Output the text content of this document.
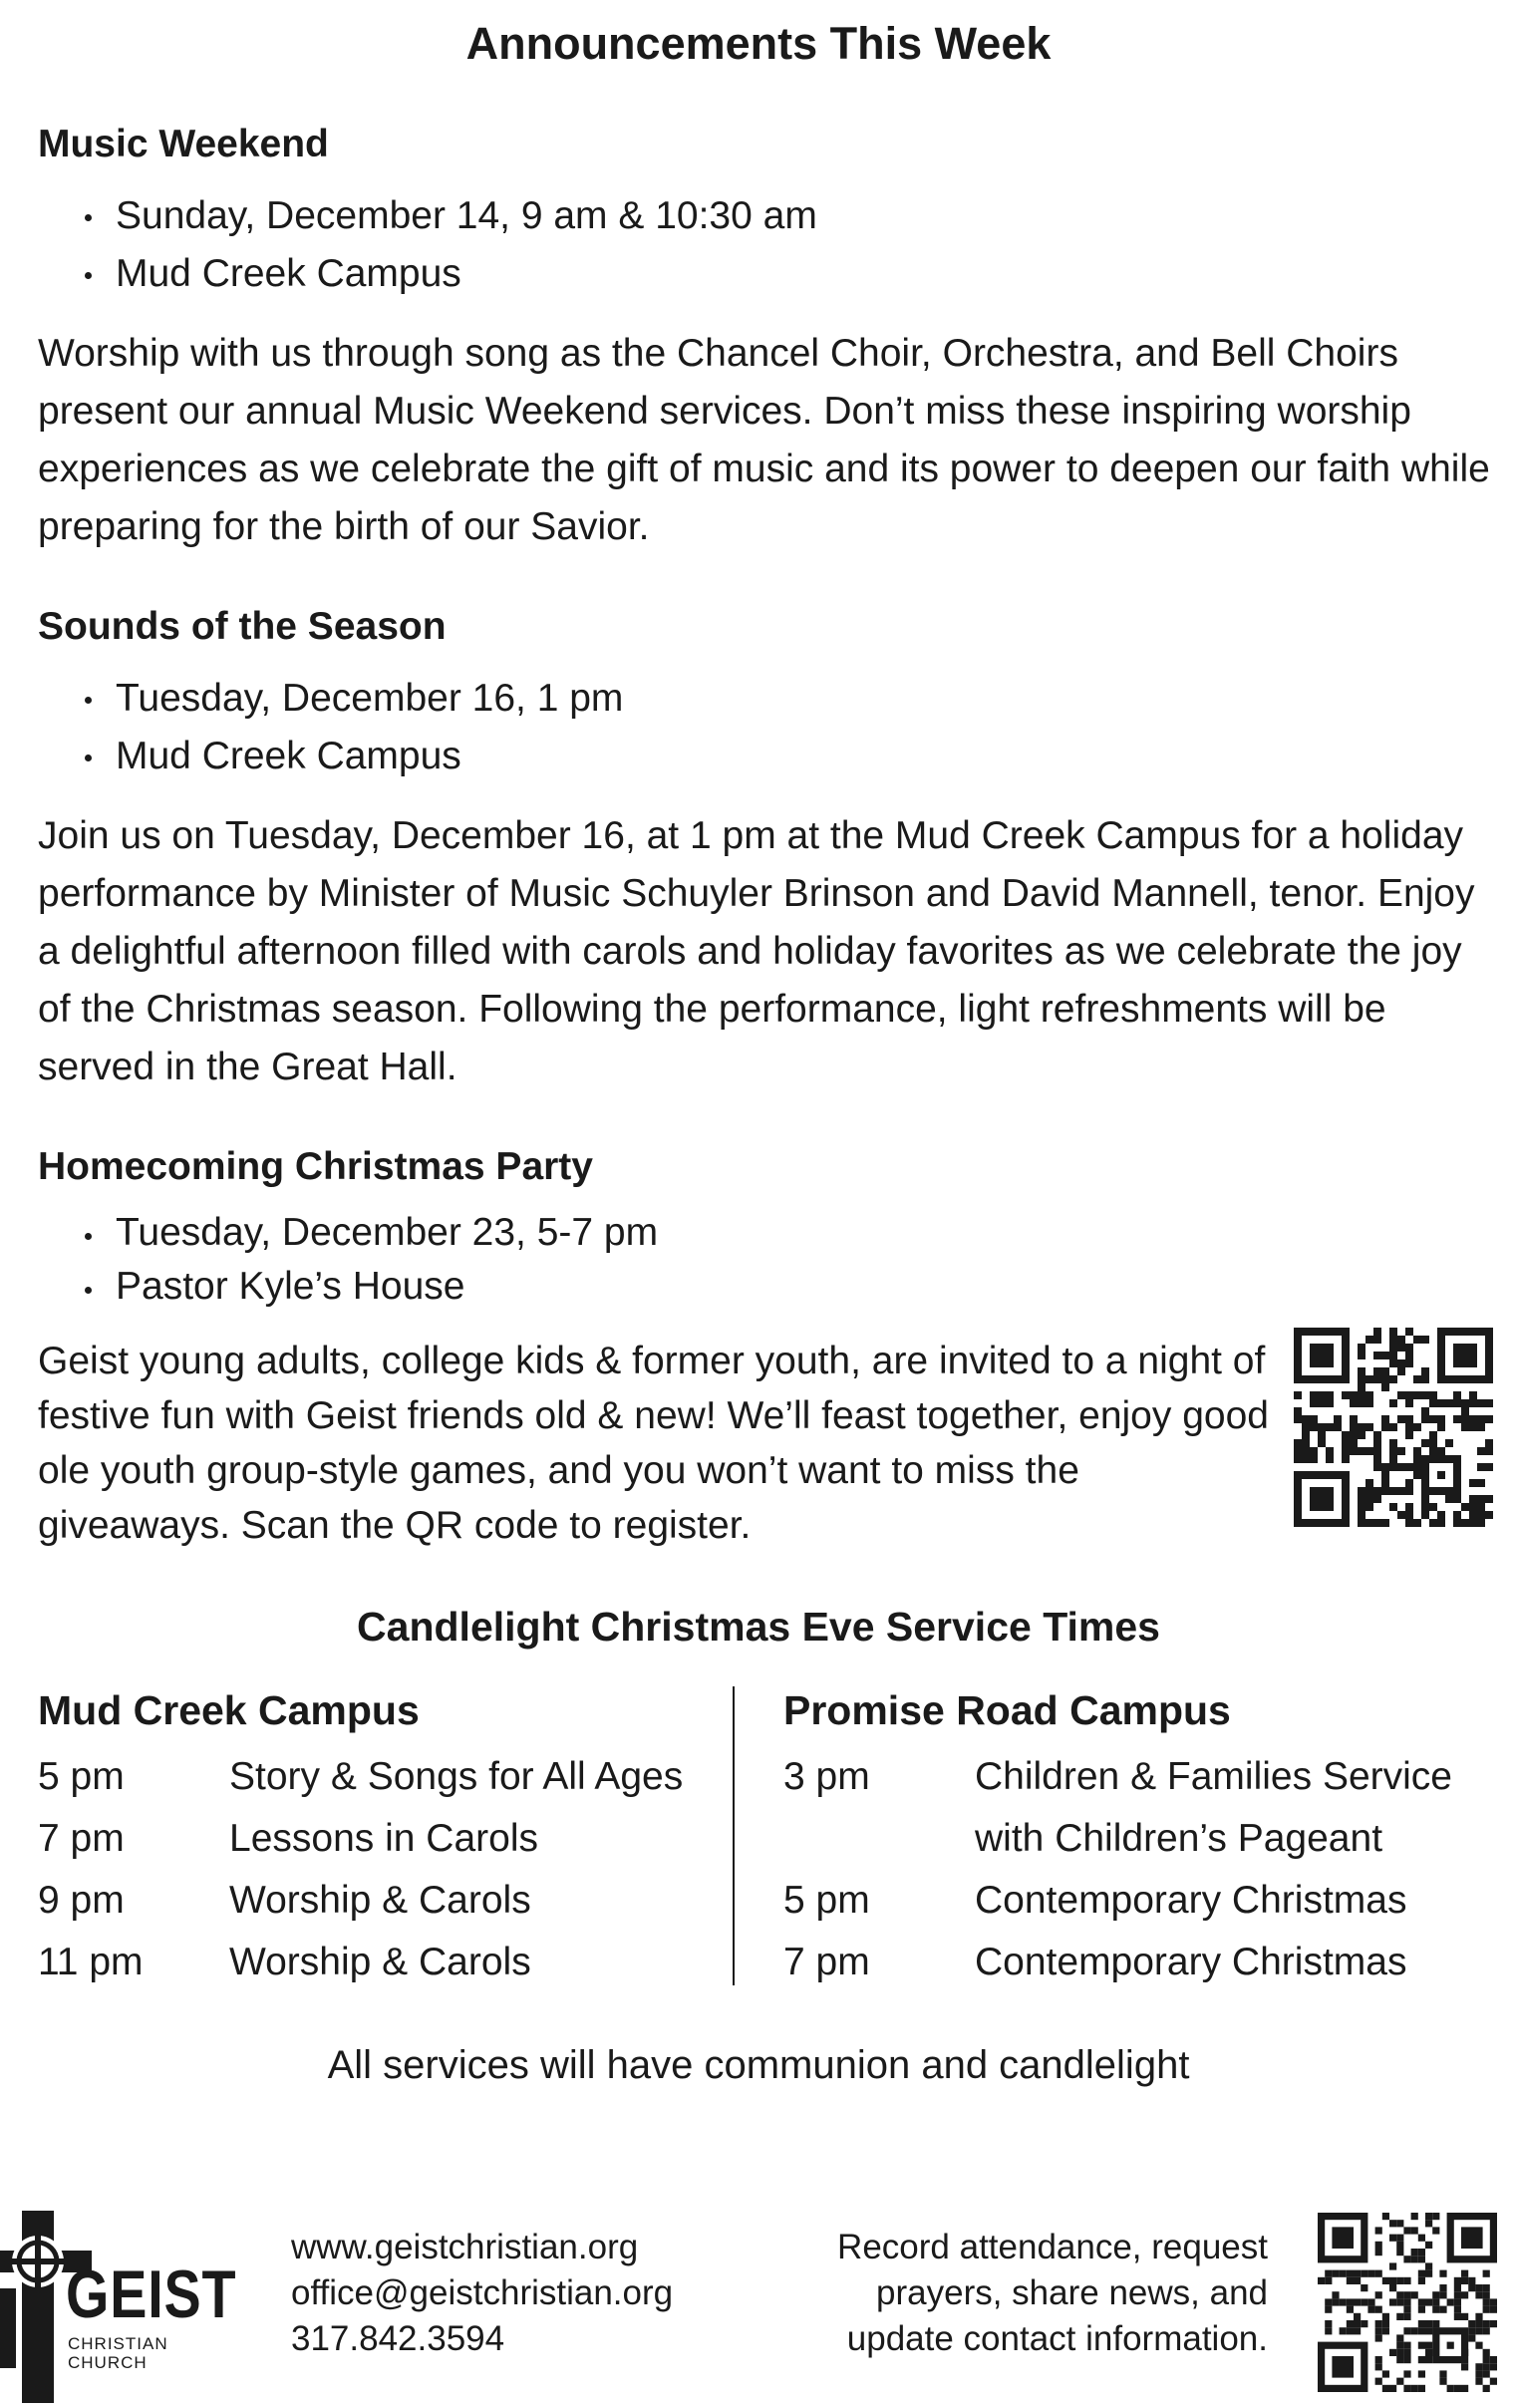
Announcements This Week
Music Weekend
Sunday, December 14, 9 am & 10:30 am
Mud Creek Campus

Worship with us through song as the Chancel Choir, Orchestra, and Bell Choirs present our annual Music Weekend services. Don’t miss these inspiring worship experiences as we celebrate the gift of music and its power to deepen our faith while preparing for the birth of our Savior.

Sounds of the Season
Tuesday, December 16, 1 pm
Mud Creek Campus

Join us on Tuesday, December 16, at 1 pm at the Mud Creek Campus for a holiday performance by Minister of Music Schuyler Brinson and David Mannell, tenor. Enjoy a delightful afternoon filled with carols and holiday favorites as we celebrate the joy of the Christmas season. Following the performance, light refreshments will be served in the Great Hall.

Homecoming Christmas Party
Tuesday, December 23, 5-7 pm
Pastor Kyle’s House

Geist young adults, college kids & former youth, are invited to a night of festive fun with Geist friends old & new! We’ll feast together, enjoy good ole youth group-style games, and you won’t want to miss the giveaways. Scan the QR code to register.

Candlelight Christmas Eve Service Times
Mud Creek Campus
5 pm	Story & Songs for All Ages
7 pm	Lessons in Carols
9 pm	Worship & Carols
11 pm	Worship & Carols
Promise Road Campus
3 pm	Children & Families Service
with Children’s Pageant
5 pm	Contemporary Christmas
7 pm	Contemporary Christmas
All services will have communion and candlelight
GEIST
CHRISTIAN
CHURCH
www.geistchristian.org
office@geistchristian.org
317.842.3594
Record attendance, request
prayers, share news, and
update contact information.
